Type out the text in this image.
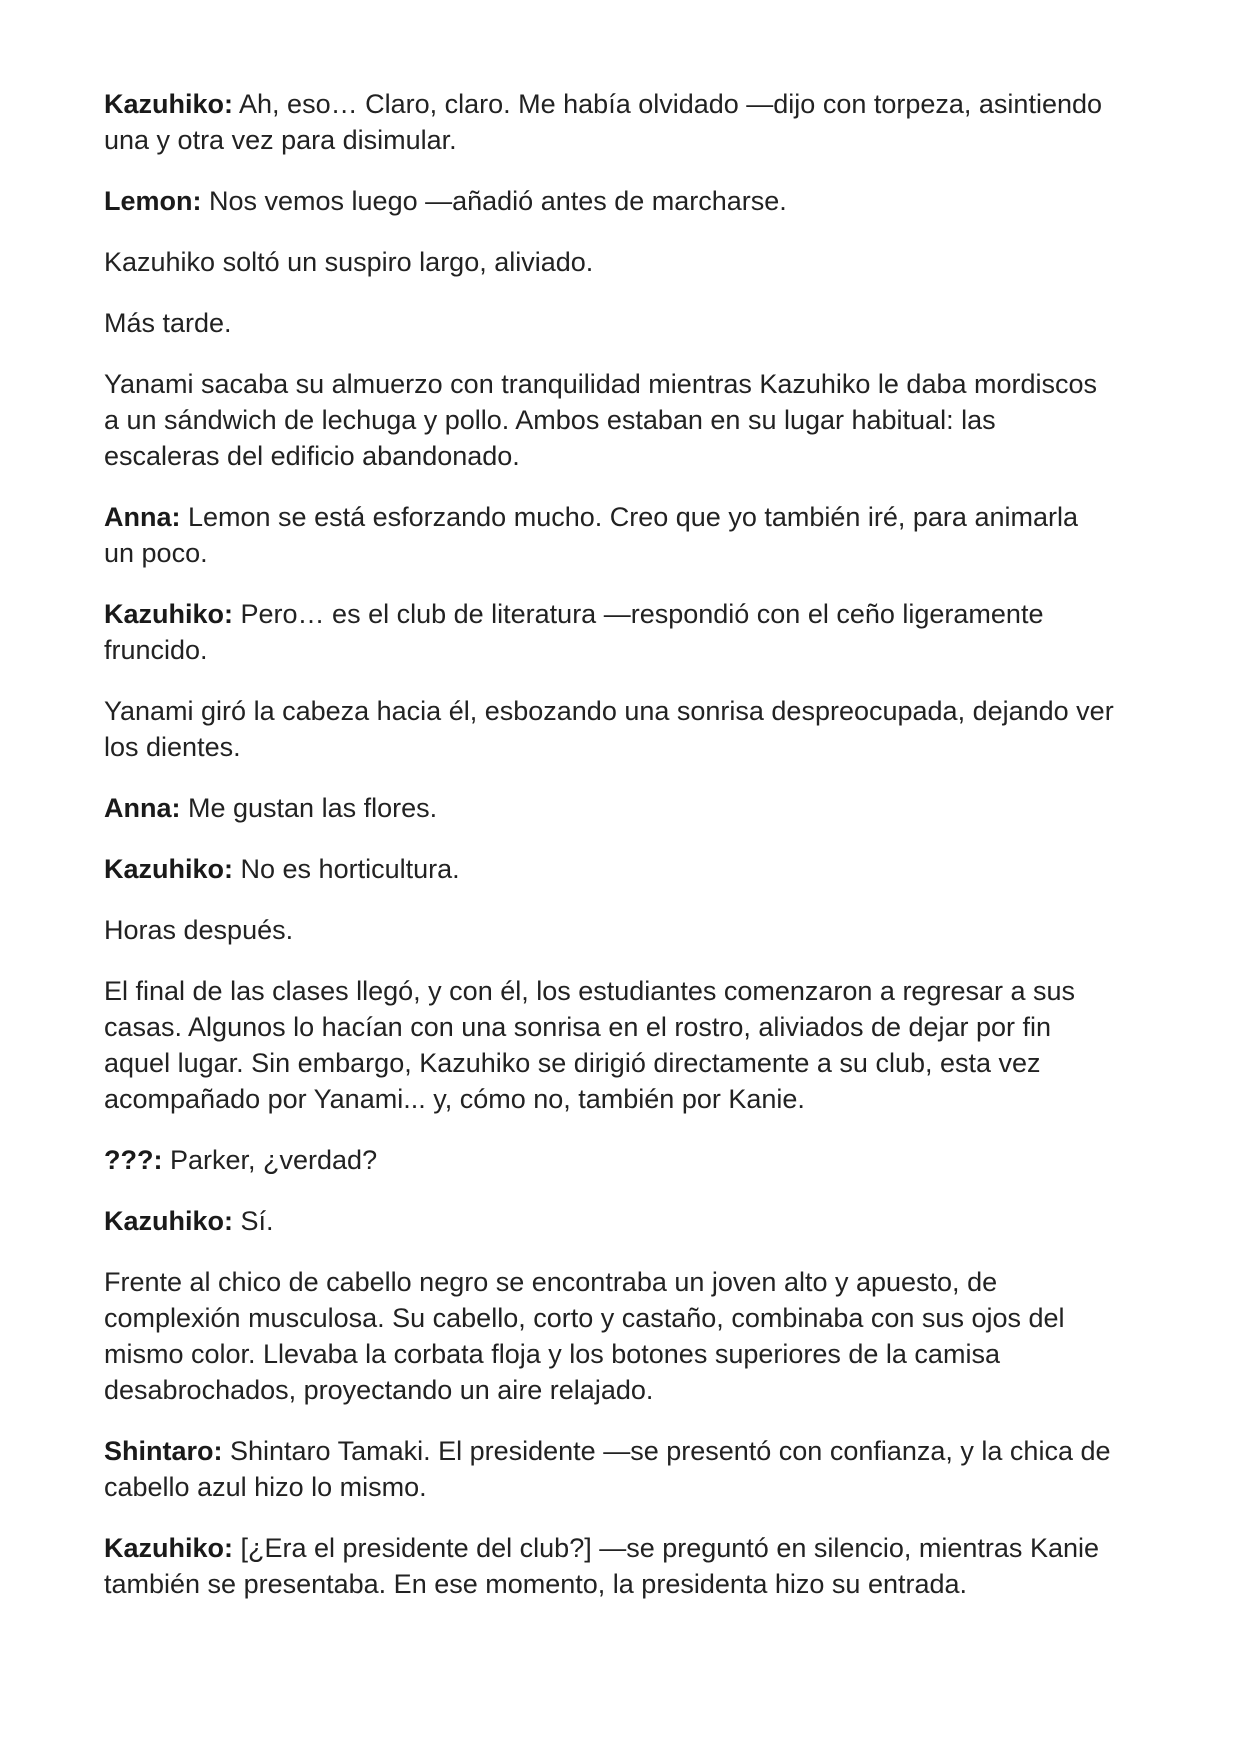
Kazuhiko: Ah, eso… Claro, claro. Me había olvidado —dijo con torpeza, asintiendo una y otra vez para disimular.

Lemon: Nos vemos luego —añadió antes de marcharse.

Kazuhiko soltó un suspiro largo, aliviado.

Más tarde.

Yanami sacaba su almuerzo con tranquilidad mientras Kazuhiko le daba mordiscos a un sándwich de lechuga y pollo. Ambos estaban en su lugar habitual: las escaleras del edificio abandonado.

Anna: Lemon se está esforzando mucho. Creo que yo también iré, para animarla un poco.

Kazuhiko: Pero… es el club de literatura —respondió con el ceño ligeramente fruncido.

Yanami giró la cabeza hacia él, esbozando una sonrisa despreocupada, dejando ver los dientes.

Anna: Me gustan las flores.

Kazuhiko: No es horticultura.

Horas después.

El final de las clases llegó, y con él, los estudiantes comenzaron a regresar a sus casas. Algunos lo hacían con una sonrisa en el rostro, aliviados de dejar por fin aquel lugar. Sin embargo, Kazuhiko se dirigió directamente a su club, esta vez acompañado por Yanami... y, cómo no, también por Kanie.

???: Parker, ¿verdad?

Kazuhiko: Sí.

Frente al chico de cabello negro se encontraba un joven alto y apuesto, de complexión musculosa. Su cabello, corto y castaño, combinaba con sus ojos del mismo color. Llevaba la corbata floja y los botones superiores de la camisa desabrochados, proyectando un aire relajado.

Shintaro: Shintaro Tamaki. El presidente —se presentó con confianza, y la chica de cabello azul hizo lo mismo.

Kazuhiko: [¿Era el presidente del club?] —se preguntó en silencio, mientras Kanie también se presentaba. En ese momento, la presidenta hizo su entrada.
